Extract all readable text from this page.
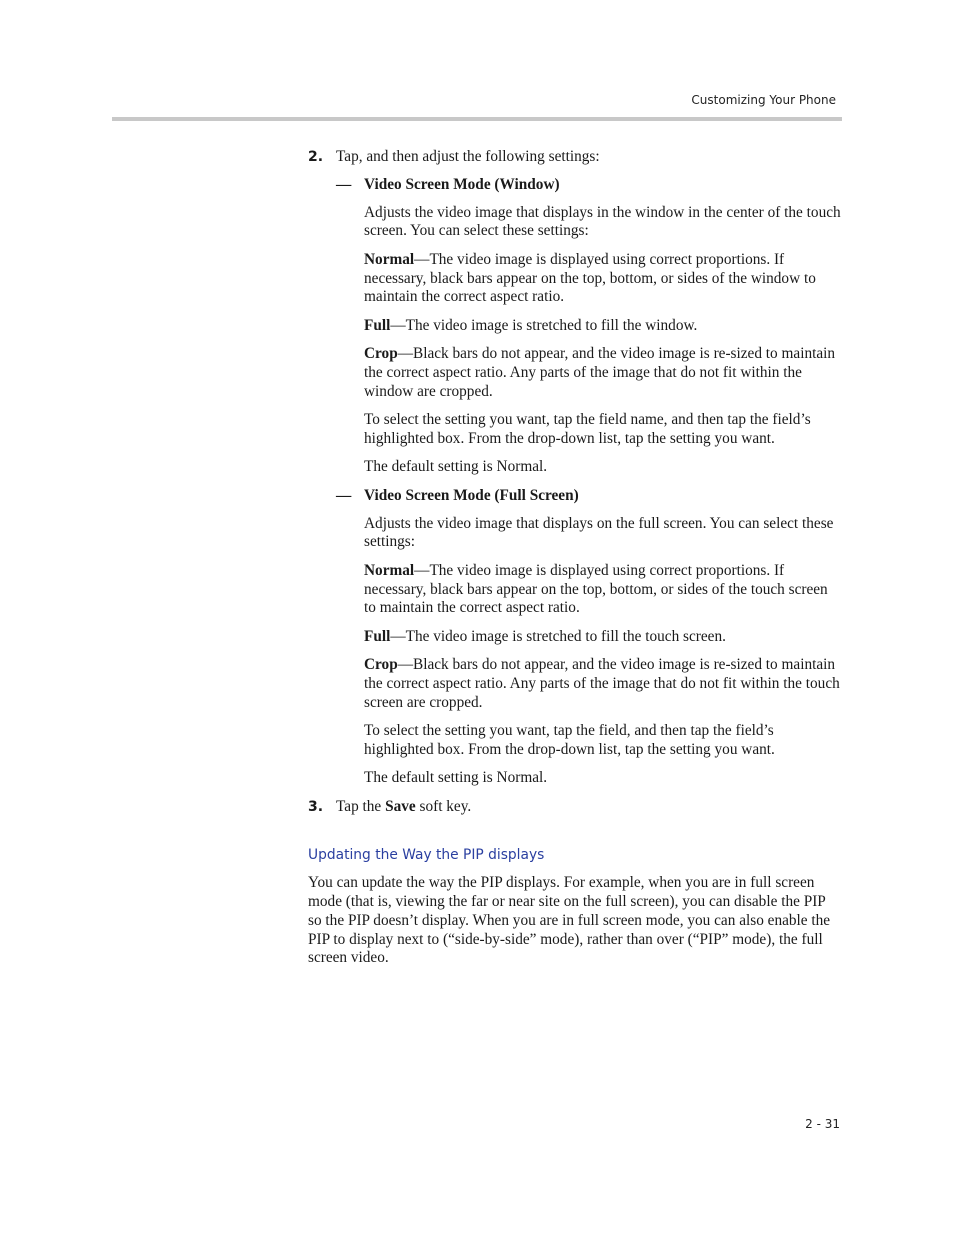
Customizing Your Phone
2. Tap, and then adjust the following settings:
— Video Screen Mode (Window)

Adjusts the video image that displays in the window in the center of the touch screen. You can select these settings:

Normal—The video image is displayed using correct proportions. If necessary, black bars appear on the top, bottom, or sides of the window to maintain the correct aspect ratio.

Full—The video image is stretched to fill the window.

Crop—Black bars do not appear, and the video image is re-sized to maintain the correct aspect ratio. Any parts of the image that do not fit within the window are cropped.

To select the setting you want, tap the field name, and then tap the field’s highlighted box. From the drop-down list, tap the setting you want.

The default setting is Normal.

— Video Screen Mode (Full Screen)

Adjusts the video image that displays on the full screen. You can select these settings:

Normal—The video image is displayed using correct proportions. If necessary, black bars appear on the top, bottom, or sides of the touch screen to maintain the correct aspect ratio.

Full—The video image is stretched to fill the touch screen.

Crop—Black bars do not appear, and the video image is re-sized to maintain the correct aspect ratio. Any parts of the image that do not fit within the touch screen are cropped.

To select the setting you want, tap the field, and then tap the field’s highlighted box. From the drop-down list, tap the setting you want.

The default setting is Normal.

3. Tap the Save soft key.
Updating the Way the PIP displays

You can update the way the PIP displays. For example, when you are in full screen mode (that is, viewing the far or near site on the full screen), you can disable the PIP so the PIP doesn’t display. When you are in full screen mode, you can also enable the PIP to display next to (“side-by-side” mode), rather than over (“PIP” mode), the full screen video.

2 - 31
